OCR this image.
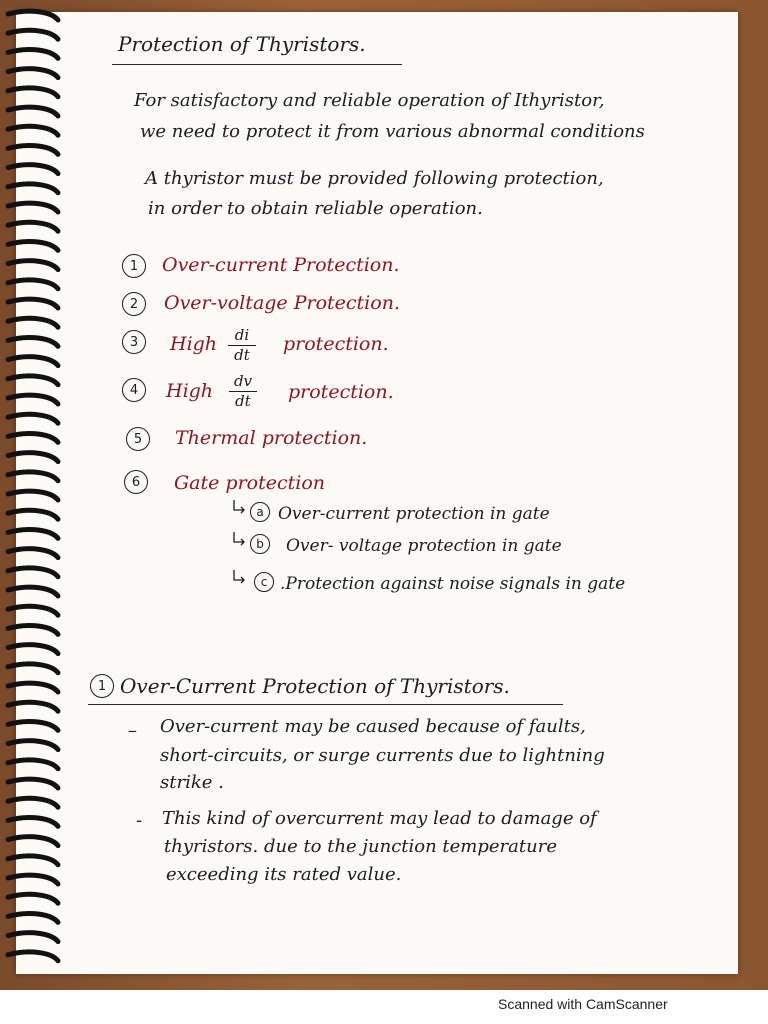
Protection of Thyristors.
For satisfactory and reliable operation of Ithyristor,
we need to protect it from various abnormal conditions
A thyristor must be provided following protection,
in order to obtain reliable operation.
1	Over-current Protection.
2	Over-voltage Protection.
3	High di
dt protection.
4	High dv
dt protection.
5	Thermal protection.
6	Gate protection
a Over-current protection in gate
b	Over- voltage protection in gate
c .Protection against noise signals in gate
1 Over-Current Protection of Thyristors.
– Over-current may be caused because of faults,
short-circuits, or surge currents due to lightning
strike .
- This kind of overcurrent may lead to damage of
thyristors. due to the junction temperature
exceeding its rated value.
Scanned with CamScanner
